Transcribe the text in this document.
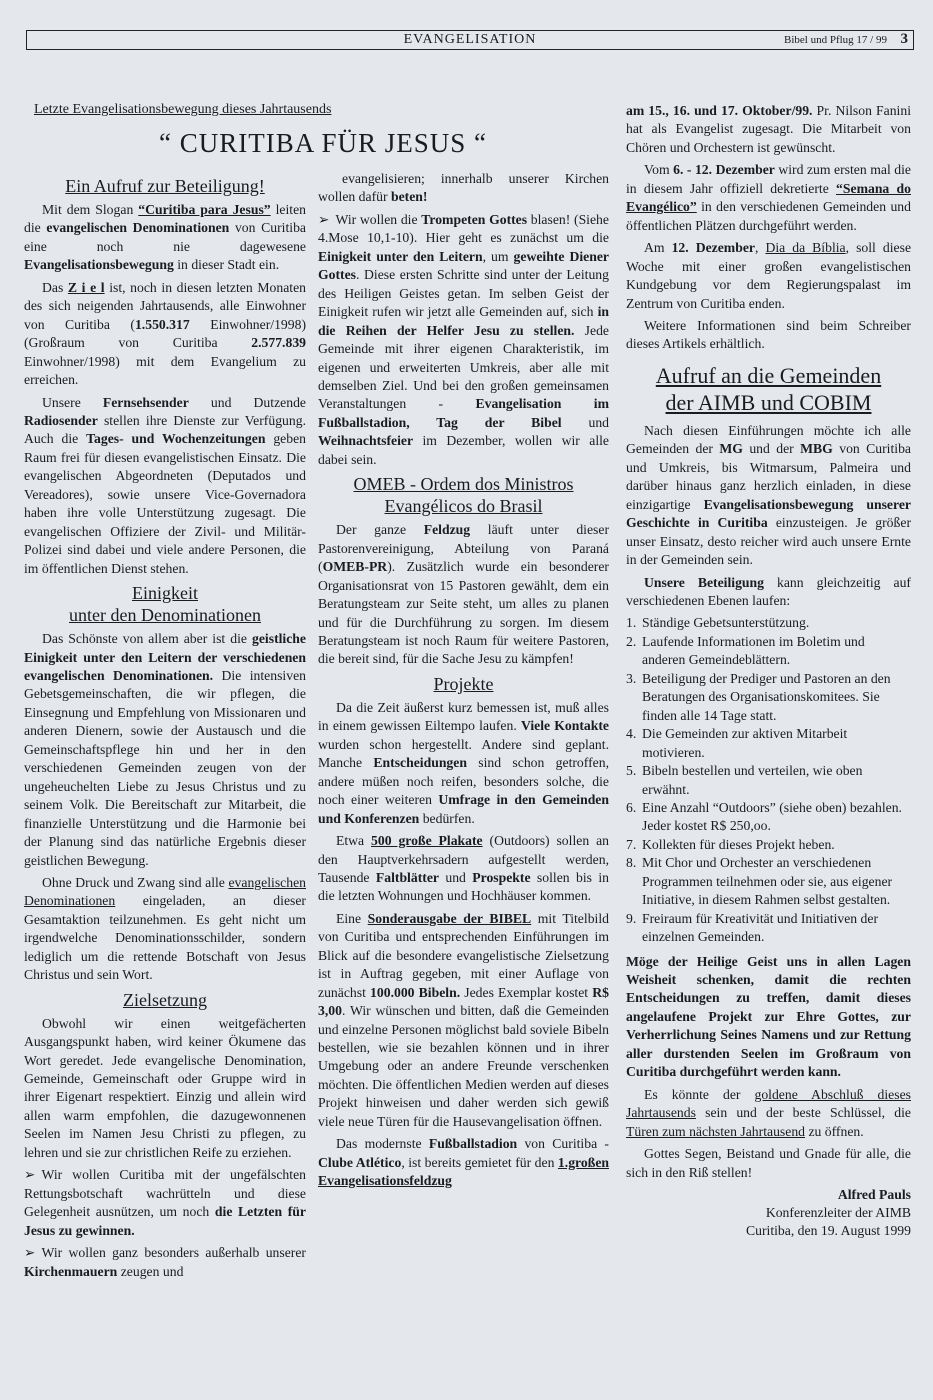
EVANGELISATION	Bibel und Pflug 17 / 99 3
Letzte Evangelisationsbewegung dieses Jahrtausends
“ CURITIBA FÜR JESUS “
Ein Aufruf zur Beteiligung!

Mit dem Slogan “Curitiba para Jesus” leiten die evangelischen Denominationen von Curitiba eine noch nie dagewesene Evangelisationsbewegung in dieser Stadt ein.

Das Z i e l ist, noch in diesen letzten Monaten des sich neigenden Jahrtausends, alle Einwohner von Curitiba (1.550.317 Einwohner/1998) (Großraum von Curitiba 2.577.839 Einwohner/1998) mit dem Evangelium zu erreichen.

Unsere Fernsehsender und Dutzende Radiosender stellen ihre Dienste zur Verfügung. Auch die Tages- und Wochenzeitungen geben Raum frei für diesen evangelistischen Einsatz. Die evangelischen Abgeordneten (Deputados und Vereadores), sowie unsere Vice-Governadora haben ihre volle Unterstützung zugesagt. Die evangelischen Offiziere der Zivil- und Militär-Polizei sind dabei und viele andere Personen, die im öffentlichen Dienst stehen.

Einigkeit
unter den Denominationen

Das Schönste von allem aber ist die geistliche Einigkeit unter den Leitern der verschiedenen evangelischen Denominationen. Die intensiven Gebetsgemeinschaften, die wir pflegen, die Einsegnung und Empfehlung von Missionaren und anderen Dienern, sowie der Austausch und die Gemeinschaftspflege hin und her in den verschiedenen Gemeinden zeugen von der ungeheuchelten Liebe zu Jesus Christus und zu seinem Volk. Die Bereitschaft zur Mitarbeit, die finanzielle Unterstützung und die Harmonie bei der Planung sind das natürliche Ergebnis dieser geistlichen Bewegung.

Ohne Druck und Zwang sind alle evangelischen Denominationen eingeladen, an dieser Gesamtaktion teilzunehmen. Es geht nicht um irgendwelche Denominationsschilder, sondern lediglich um die rettende Botschaft von Jesus Christus und sein Wort.

Zielsetzung

Obwohl wir einen weitgefächerten Ausgangspunkt haben, wird keiner Ökumene das Wort geredet. Jede evangelische Denomination, Gemeinde, Gemeinschaft oder Gruppe wird in ihrer Eigenart respektiert. Einzig und allein wird allen warm empfohlen, die dazugewonnenen Seelen im Namen Jesu Christi zu pflegen, zu lehren und sie zur christlichen Reife zu erziehen.

➢ Wir wollen Curitiba mit der ungefälschten Rettungsbotschaft wachrütteln und diese Gelegenheit ausnützen, um noch die Letzten für Jesus zu gewinnen.

➢ Wir wollen ganz besonders außerhalb unserer Kirchenmauern zeugen und

evangelisieren; innerhalb unserer Kirchen wollen dafür beten!

➢ Wir wollen die Trompeten Gottes blasen! (Siehe 4.Mose 10,1-10). Hier geht es zunächst um die Einigkeit unter den Leitern, um geweihte Diener Gottes. Diese ersten Schritte sind unter der Leitung des Heiligen Geistes getan. Im selben Geist der Einigkeit rufen wir jetzt alle Gemeinden auf, sich in die Reihen der Helfer Jesu zu stellen. Jede Gemeinde mit ihrer eigenen Charakteristik, im eigenen und erweiterten Umkreis, aber alle mit demselben Ziel. Und bei den großen gemeinsamen Veranstaltungen - Evangelisation im Fußballstadion, Tag der Bibel und Weihnachtsfeier im Dezember, wollen wir alle dabei sein.

OMEB - Ordem dos Ministros
Evangélicos do Brasil

Der ganze Feldzug läuft unter dieser Pastorenvereinigung, Abteilung von Paraná (OMEB-PR). Zusätzlich wurde ein besonderer Organisationsrat von 15 Pastoren gewählt, dem ein Beratungsteam zur Seite steht, um alles zu planen und für die Durchführung zu sorgen. Im diesem Beratungsteam ist noch Raum für weitere Pastoren, die bereit sind, für die Sache Jesu zu kämpfen!

Projekte

Da die Zeit äußerst kurz bemessen ist, muß alles in einem gewissen Eiltempo laufen. Viele Kontakte wurden schon hergestellt. Andere sind geplant. Manche Entscheidungen sind schon getroffen, andere müßen noch reifen, besonders solche, die noch einer weiteren Umfrage in den Gemeinden und Konferenzen bedürfen.

Etwa 500 große Plakate (Outdoors) sollen an den Hauptverkehrsadern aufgestellt werden, Tausende Faltblätter und Prospekte sollen bis in die letzten Wohnungen und Hochhäuser kommen.

Eine Sonderausgabe der BIBEL mit Titelbild von Curitiba und entsprechenden Einführungen im Blick auf die besondere evangelistische Zielsetzung ist in Auftrag gegeben, mit einer Auflage von zunächst 100.000 Bibeln. Jedes Exemplar kostet R$ 3,00. Wir wünschen und bitten, daß die Gemeinden und einzelne Personen möglichst bald soviele Bibeln bestellen, wie sie bezahlen können und in ihrer Umgebung oder an andere Freunde verschenken möchten. Die öffentlichen Medien werden auf dieses Projekt hinweisen und daher werden sich gewiß viele neue Türen für die Hausevangelisation öffnen.

Das modernste Fußballstadion von Curitiba - Clube Atlético, ist bereits gemietet für den 1.großen Evangelisationsfeldzug

am 15., 16. und 17. Oktober/99. Pr. Nilson Fanini hat als Evangelist zugesagt. Die Mitarbeit von Chören und Orchestern ist gewünscht.

Vom 6. - 12. Dezember wird zum ersten mal die in diesem Jahr offiziell dekretierte “Semana do Evangélico” in den verschiedenen Gemeinden und öffentlichen Plätzen durchgeführt werden.

Am 12. Dezember, Dia da Bíblia, soll diese Woche mit einer großen evangelistischen Kundgebung vor dem Regierungspalast im Zentrum von Curitiba enden.

Weitere Informationen sind beim Schreiber dieses Artikels erhältlich.

Aufruf an die Gemeinden
der AIMB und COBIM

Nach diesen Einführungen möchte ich alle Gemeinden der MG und der MBG von Curitiba und Umkreis, bis Witmarsum, Palmeira und darüber hinaus ganz herzlich einladen, in diese einzigartige Evangelisationsbewegung unserer Geschichte in Curitiba einzusteigen. Je größer unser Einsatz, desto reicher wird auch unsere Ernte in der Gemeinden sein.

Unsere Beteiligung kann gleichzeitig auf verschiedenen Ebenen laufen:

1. Ständige Gebetsunterstützung.
2. Laufende Informationen im Boletim und anderen Gemeindeblättern.
3. Beteiligung der Prediger und Pastoren an den Beratungen des Organisationskomitees. Sie finden alle 14 Tage statt.
4. Die Gemeinden zur aktiven Mitarbeit motivieren.
5. Bibeln bestellen und verteilen, wie oben erwähnt.
6. Eine Anzahl “Outdoors” (siehe oben) bezahlen. Jeder kostet R$ 250,oo.
7. Kollekten für dieses Projekt heben.
8. Mit Chor und Orchester an verschiedenen Programmen teilnehmen oder sie, aus eigener Initiative, in diesem Rahmen selbst gestalten.
9. Freiraum für Kreativität und Initiativen der einzelnen Gemeinden.

Möge der Heilige Geist uns in allen Lagen Weisheit schenken, damit die rechten Entscheidungen zu treffen, damit dieses angelaufene Projekt zur Ehre Gottes, zur Verherrlichung Seines Namens und zur Rettung aller durstenden Seelen im Großraum von Curitiba durchgeführt werden kann.

Es könnte der goldene Abschluß dieses Jahrtausends sein und der beste Schlüssel, die Türen zum nächsten Jahrtausend zu öffnen.

Gottes Segen, Beistand und Gnade für alle, die sich in den Riß stellen!

Alfred Pauls
Konferenzleiter der AIMB
Curitiba, den 19. August 1999
